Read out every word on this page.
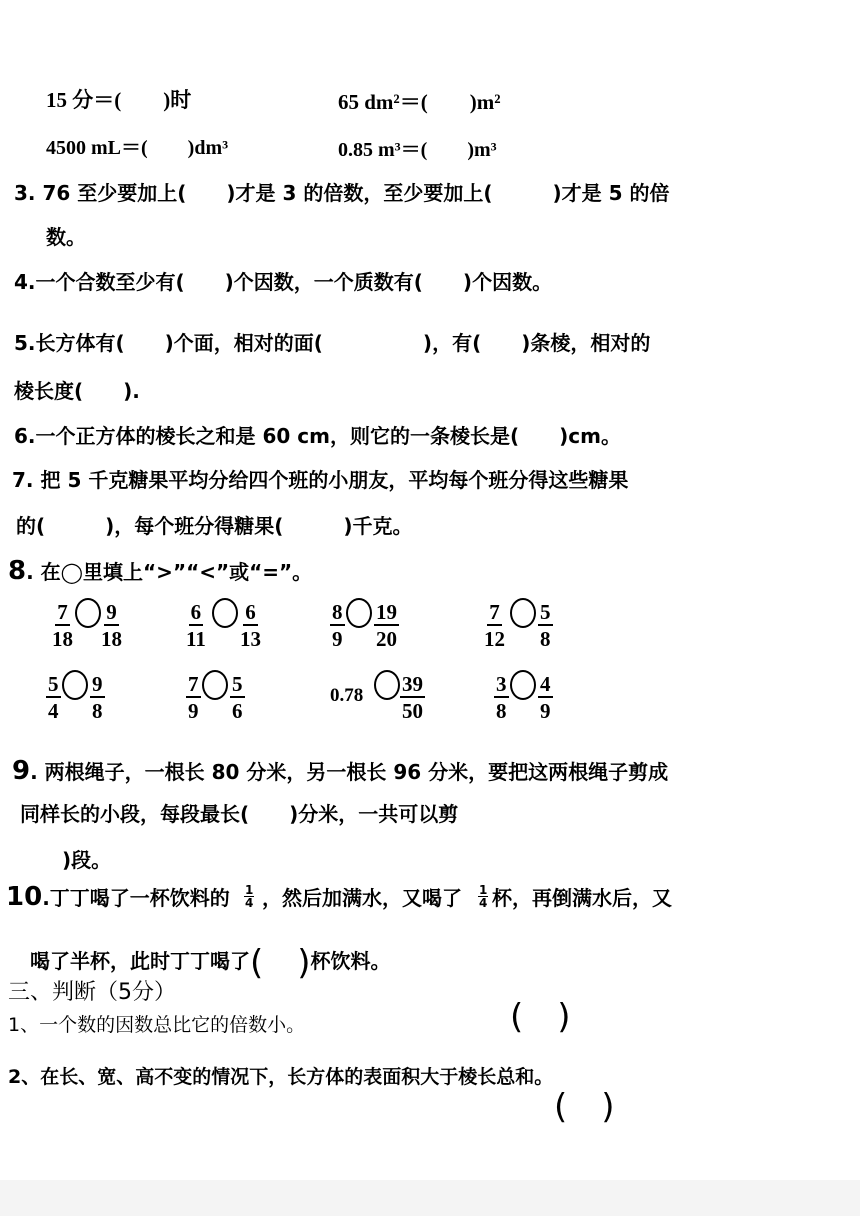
15 分＝(　　)时	65 dm²＝(　　)m²
4500 mL＝(　　)dm³	0.85 m³＝(　　)m³
3. 76 至少要加上(　　)才是 3 的倍数，至少要加上(　　　)才是 5 的倍
数。
4.一个合数至少有(　　)个因数，一个质数有(　　)个因数。
5.长方体有(　　)个面，相对的面(　　　　　)，有(　　)条棱，相对的
棱长度(　　).
6.一个正方体的棱长之和是 60 cm，则它的一条棱长是(　　)cm。
7. 把 5 千克糖果平均分给四个班的小朋友，平均每个班分得这些糖果
的(　　　)，每个班分得糖果(　　　)千克。
8. 在◯里填上“>”“<”或“=”。
$\frac{7}{18} \frac{9}{18}$	$\frac{6}{11} \frac{6}{13}$	$\frac{8}{9} \frac{19}{20}$	$\frac{7}{12} \frac{5}{8}$
$\frac{5}{4} \frac{9}{8}$	$\frac{7}{9} \frac{5}{6}$	$0.78 \frac{39}{50}$	$\frac{3}{8} \frac{4}{9}$
9. 两根绳子，一根长 80 分米，另一根长 96 分米，要把这两根绳子剪成
同样长的小段，每段最长(　　)分米，一共可以剪
)段。
10.丁丁喝了一杯饮料的 1
4 ，然后加满水，又喝了 1
4 杯，再倒满水后，又
喝了半杯，此时丁丁喝了(　)杯饮料。
三、判断（5分）
1、一个数的因数总比它的倍数小。	(　)
2、在长、宽、高不变的情况下，长方体的表面积大于棱长总和。
(　)
